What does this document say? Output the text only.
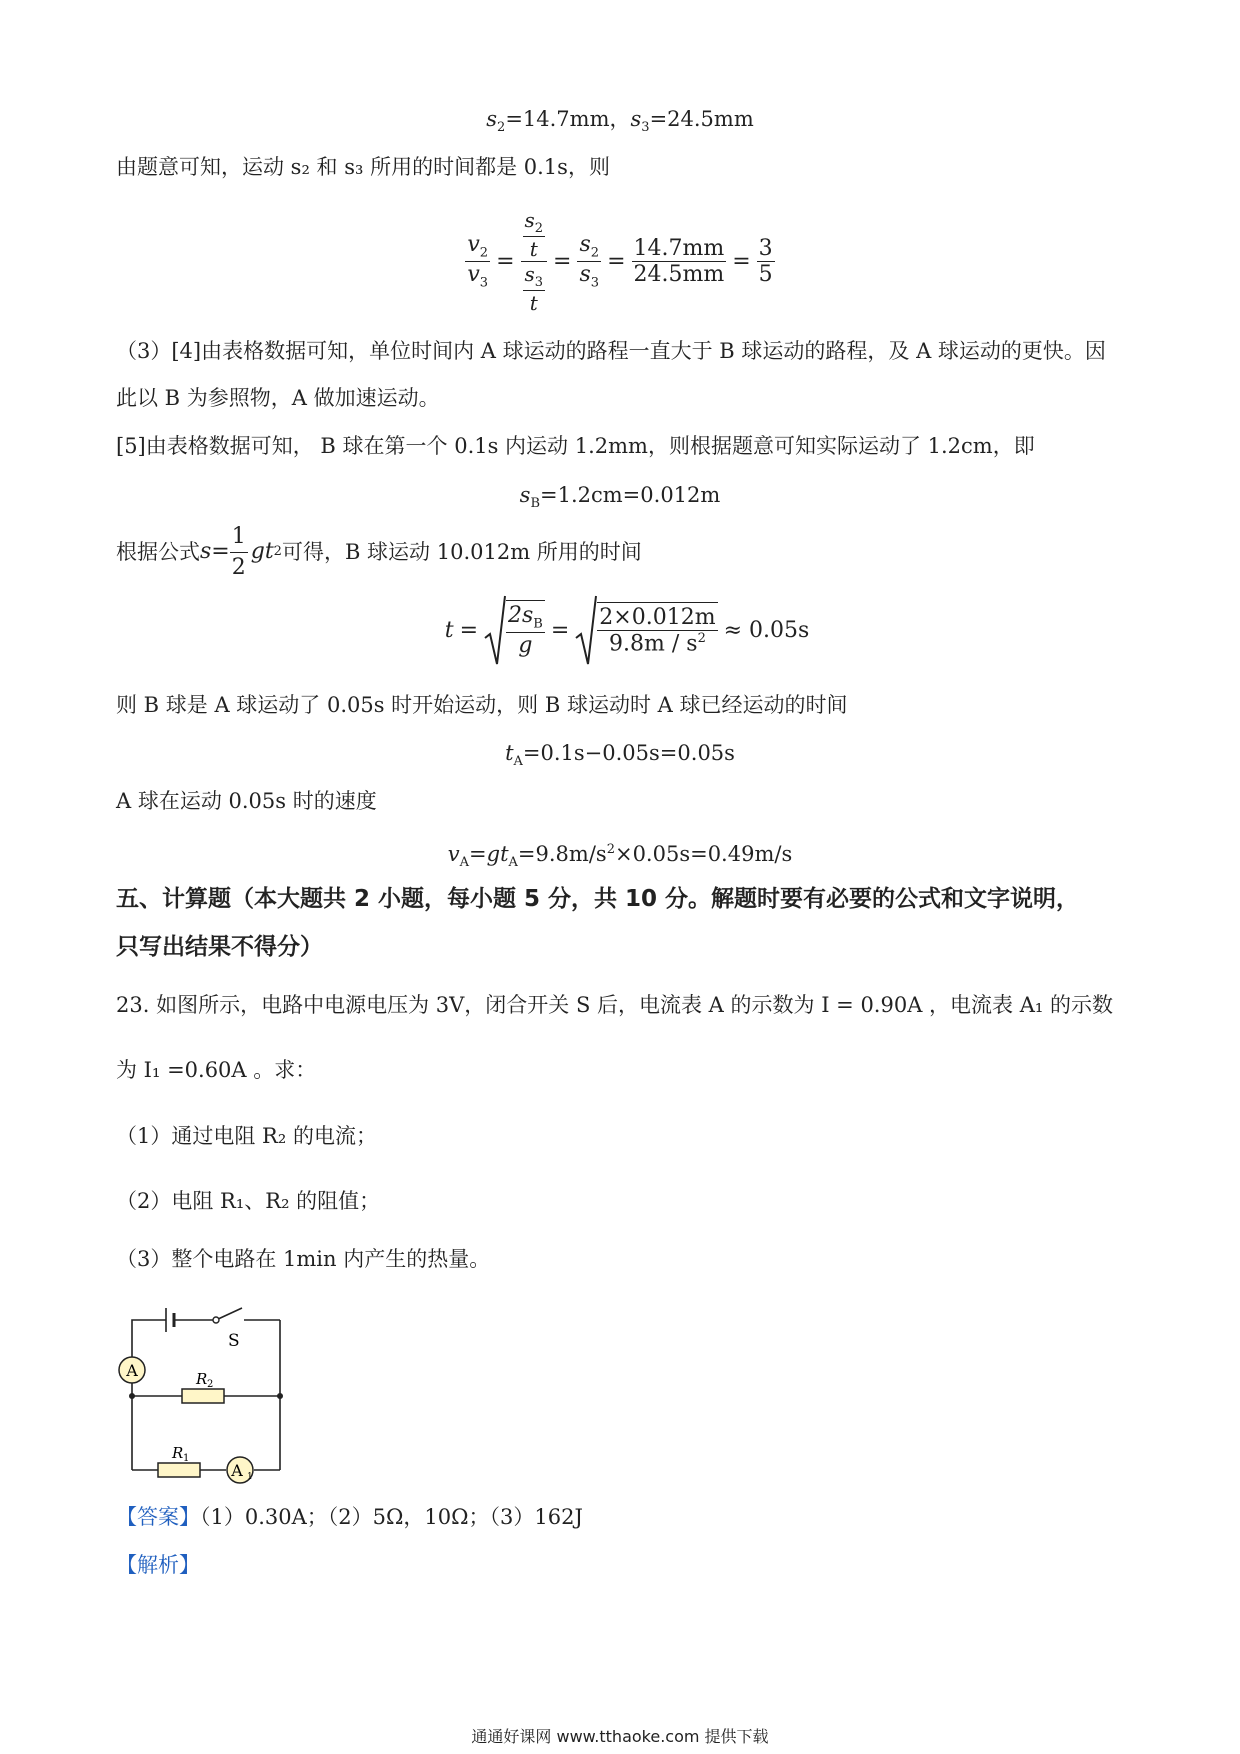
$s_2=14.7mm$，$s_3=24.5mm$
由题意可知，运动 s₂ 和 s₃ 所用的时间都是 0.1s，则
$\frac{v_2}{v_3} = \frac{\frac{s_2}{t}}{\frac{s_3}{t}} = \frac{s_2}{s_3} = \frac{14.7mm}{24.5mm} = \frac{3}{5}$
（3）[4]由表格数据可知，单位时间内 A 球运动的路程一直大于 B 球运动的路程，及 A 球运动的更快。因
此以 B 为参照物，A 做加速运动。
[5]由表格数据可知， B 球在第一个 0.1s 内运动 1.2mm，则根据题意可知实际运动了 1.2cm，即
$s_B=1.2cm=0.012m$
根据公式 $s = \frac{1}{2}$ gt 2 可得，B 球运动 10.012m 所用的时间
$t = \frac{2s_B}{g} = \frac{2\times 0.012m}{9.8m / s^2} \approx 0.05s$
则 B 球是 A 球运动了 0.05s 时开始运动，则 B 球运动时 A 球已经运动的时间
$t_A=0.1s-0.05s=0.05s$
A 球在运动 0.05s 时的速度
$v_A=gt_A=9.8m/s^2\times 0.05s=0.49m/s$
五、计算题（本大题共 2 小题，每小题 5 分，共 10 分。解题时要有必要的公式和文字说明，
只写出结果不得分）
23. 如图所示，电路中电源电压为 3V，闭合开关 S 后，电流表 A 的示数为 I = 0.90A ，电流表 A₁ 的示数
为 I₁ =0.60A 。求：
（1）通过电阻 R₂ 的电流；
（2）电阻 R₁、R₂ 的阻值；
（3）整个电路在 1min 内产生的热量。
A	R 2
R 1
A 1
S
【答案】（1）0.30A；（2）5Ω，10Ω；（3）162J
【解析】
通通好课网 www.tthaoke.com 提供下载
